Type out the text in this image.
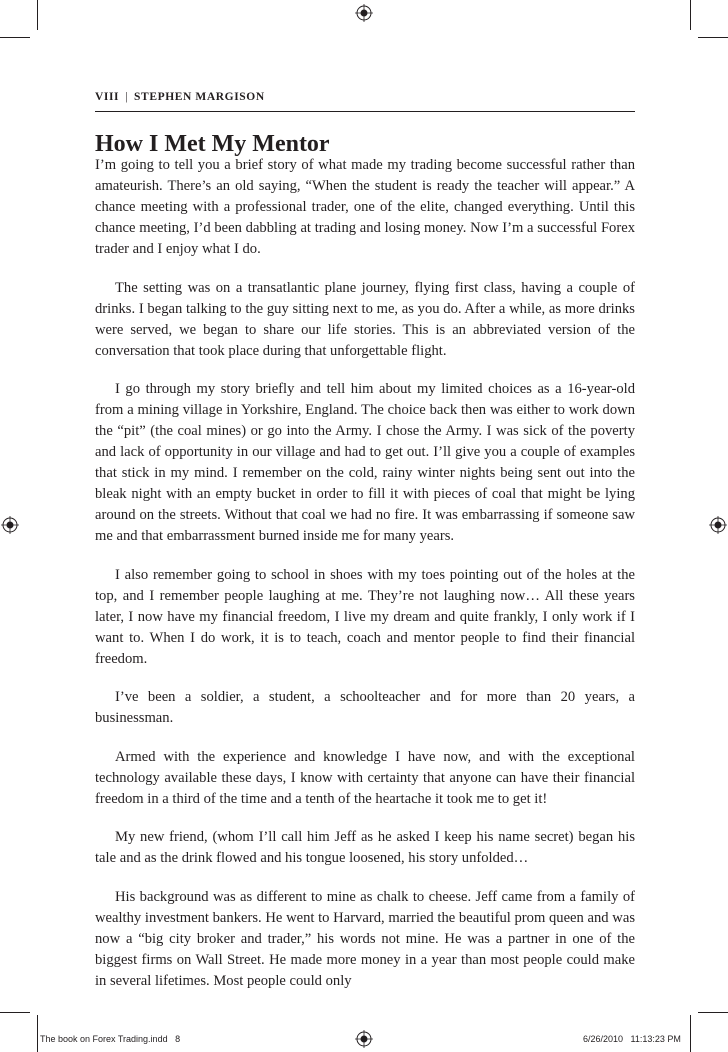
VIII | STEPHEN MARGISON
How I Met My Mentor

I’m going to tell you a brief story of what made my trading become successful rather than amateurish. There’s an old saying, “When the student is ready the teacher will appear.” A chance meeting with a professional trader, one of the elite, changed everything. Until this chance meeting, I’d been dabbling at trading and losing money. Now I’m a successful Forex trader and I enjoy what I do.

The setting was on a transatlantic plane journey, flying first class, having a couple of drinks. I began talking to the guy sitting next to me, as you do. After a while, as more drinks were served, we began to share our life stories. This is an abbreviated version of the conversation that took place during that unforgettable flight.

I go through my story briefly and tell him about my limited choices as a 16-year-old from a mining village in Yorkshire, England. The choice back then was either to work down the “pit” (the coal mines) or go into the Army. I chose the Army. I was sick of the poverty and lack of opportunity in our village and had to get out. I’ll give you a couple of examples that stick in my mind. I remember on the cold, rainy winter nights being sent out into the bleak night with an empty bucket in order to fill it with pieces of coal that might be lying around on the streets. Without that coal we had no fire. It was embarrassing if someone saw me and that embarrassment burned inside me for many years.

I also remember going to school in shoes with my toes pointing out of the holes at the top, and I remember people laughing at me. They’re not laughing now… All these years later, I now have my financial freedom, I live my dream and quite frankly, I only work if I want to. When I do work, it is to teach, coach and mentor people to find their financial freedom.

I’ve been a soldier, a student, a schoolteacher and for more than 20 years, a businessman.

Armed with the experience and knowledge I have now, and with the exceptional technology available these days, I know with certainty that anyone can have their financial freedom in a third of the time and a tenth of the heartache it took me to get it!

My new friend, (whom I’ll call him Jeff as he asked I keep his name secret) began his tale and as the drink flowed and his tongue loosened, his story unfolded…

His background was as different to mine as chalk to cheese. Jeff came from a family of wealthy investment bankers. He went to Harvard, married the beautiful prom queen and was now a “big city broker and trader,” his words not mine. He was a partner in one of the biggest firms on Wall Street. He made more money in a year than most people could make in several lifetimes. Most people could only

The book on Forex Trading.indd   8	6/26/2010   11:13:23 PM
